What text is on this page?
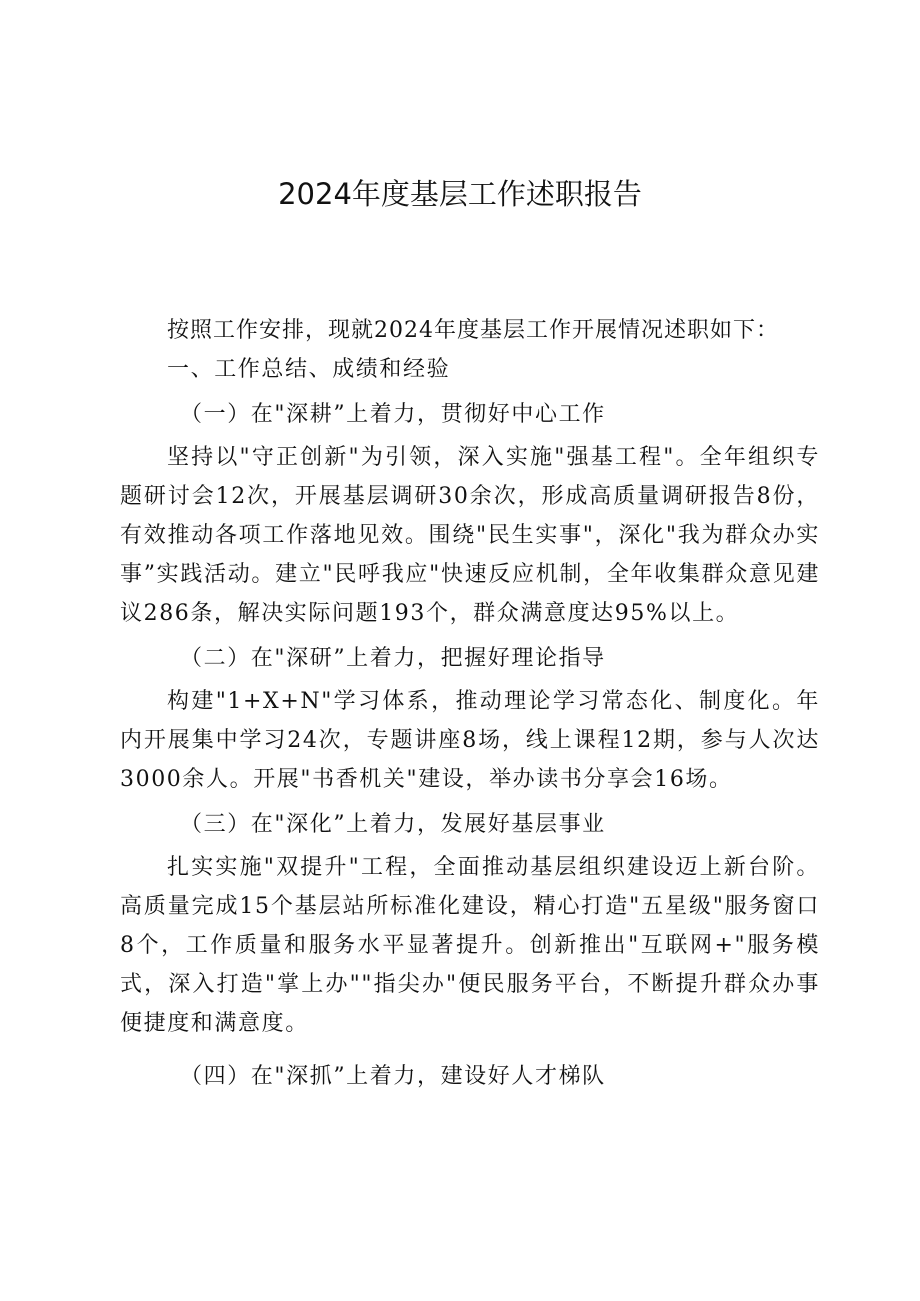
2024年度基层工作述职报告

按照工作安排，现就2024年度基层工作开展情况述职如下：

一、工作总结、成绩和经验

（一）在"深耕”上着力，贯彻好中心工作

坚持以"守正创新"为引领，深入实施"强基工程"。全年组织专题研讨会12次，开展基层调研30余次，形成高质量调研报告8份，有效推动各项工作落地见效。围绕"民生实事"，深化"我为群众办实事”实践活动。建立"民呼我应"快速反应机制，全年收集群众意见建议286条，解决实际问题193个，群众满意度达95%以上。

（二）在"深研”上着力，把握好理论指导

构建"1+X+N"学习体系，推动理论学习常态化、制度化。年内开展集中学习24次，专题讲座8场，线上课程12期，参与人次达3000余人。开展"书香机关"建设，举办读书分享会16场。

（三）在"深化”上着力，发展好基层事业

扎实实施"双提升"工程，全面推动基层组织建设迈上新台阶。高质量完成15个基层站所标准化建设，精心打造"五星级"服务窗口8个，工作质量和服务水平显著提升。创新推出"互联网+"服务模式，深入打造"掌上办""指尖办"便民服务平台，不断提升群众办事便捷度和满意度。

（四）在"深抓”上着力，建设好人才梯队
